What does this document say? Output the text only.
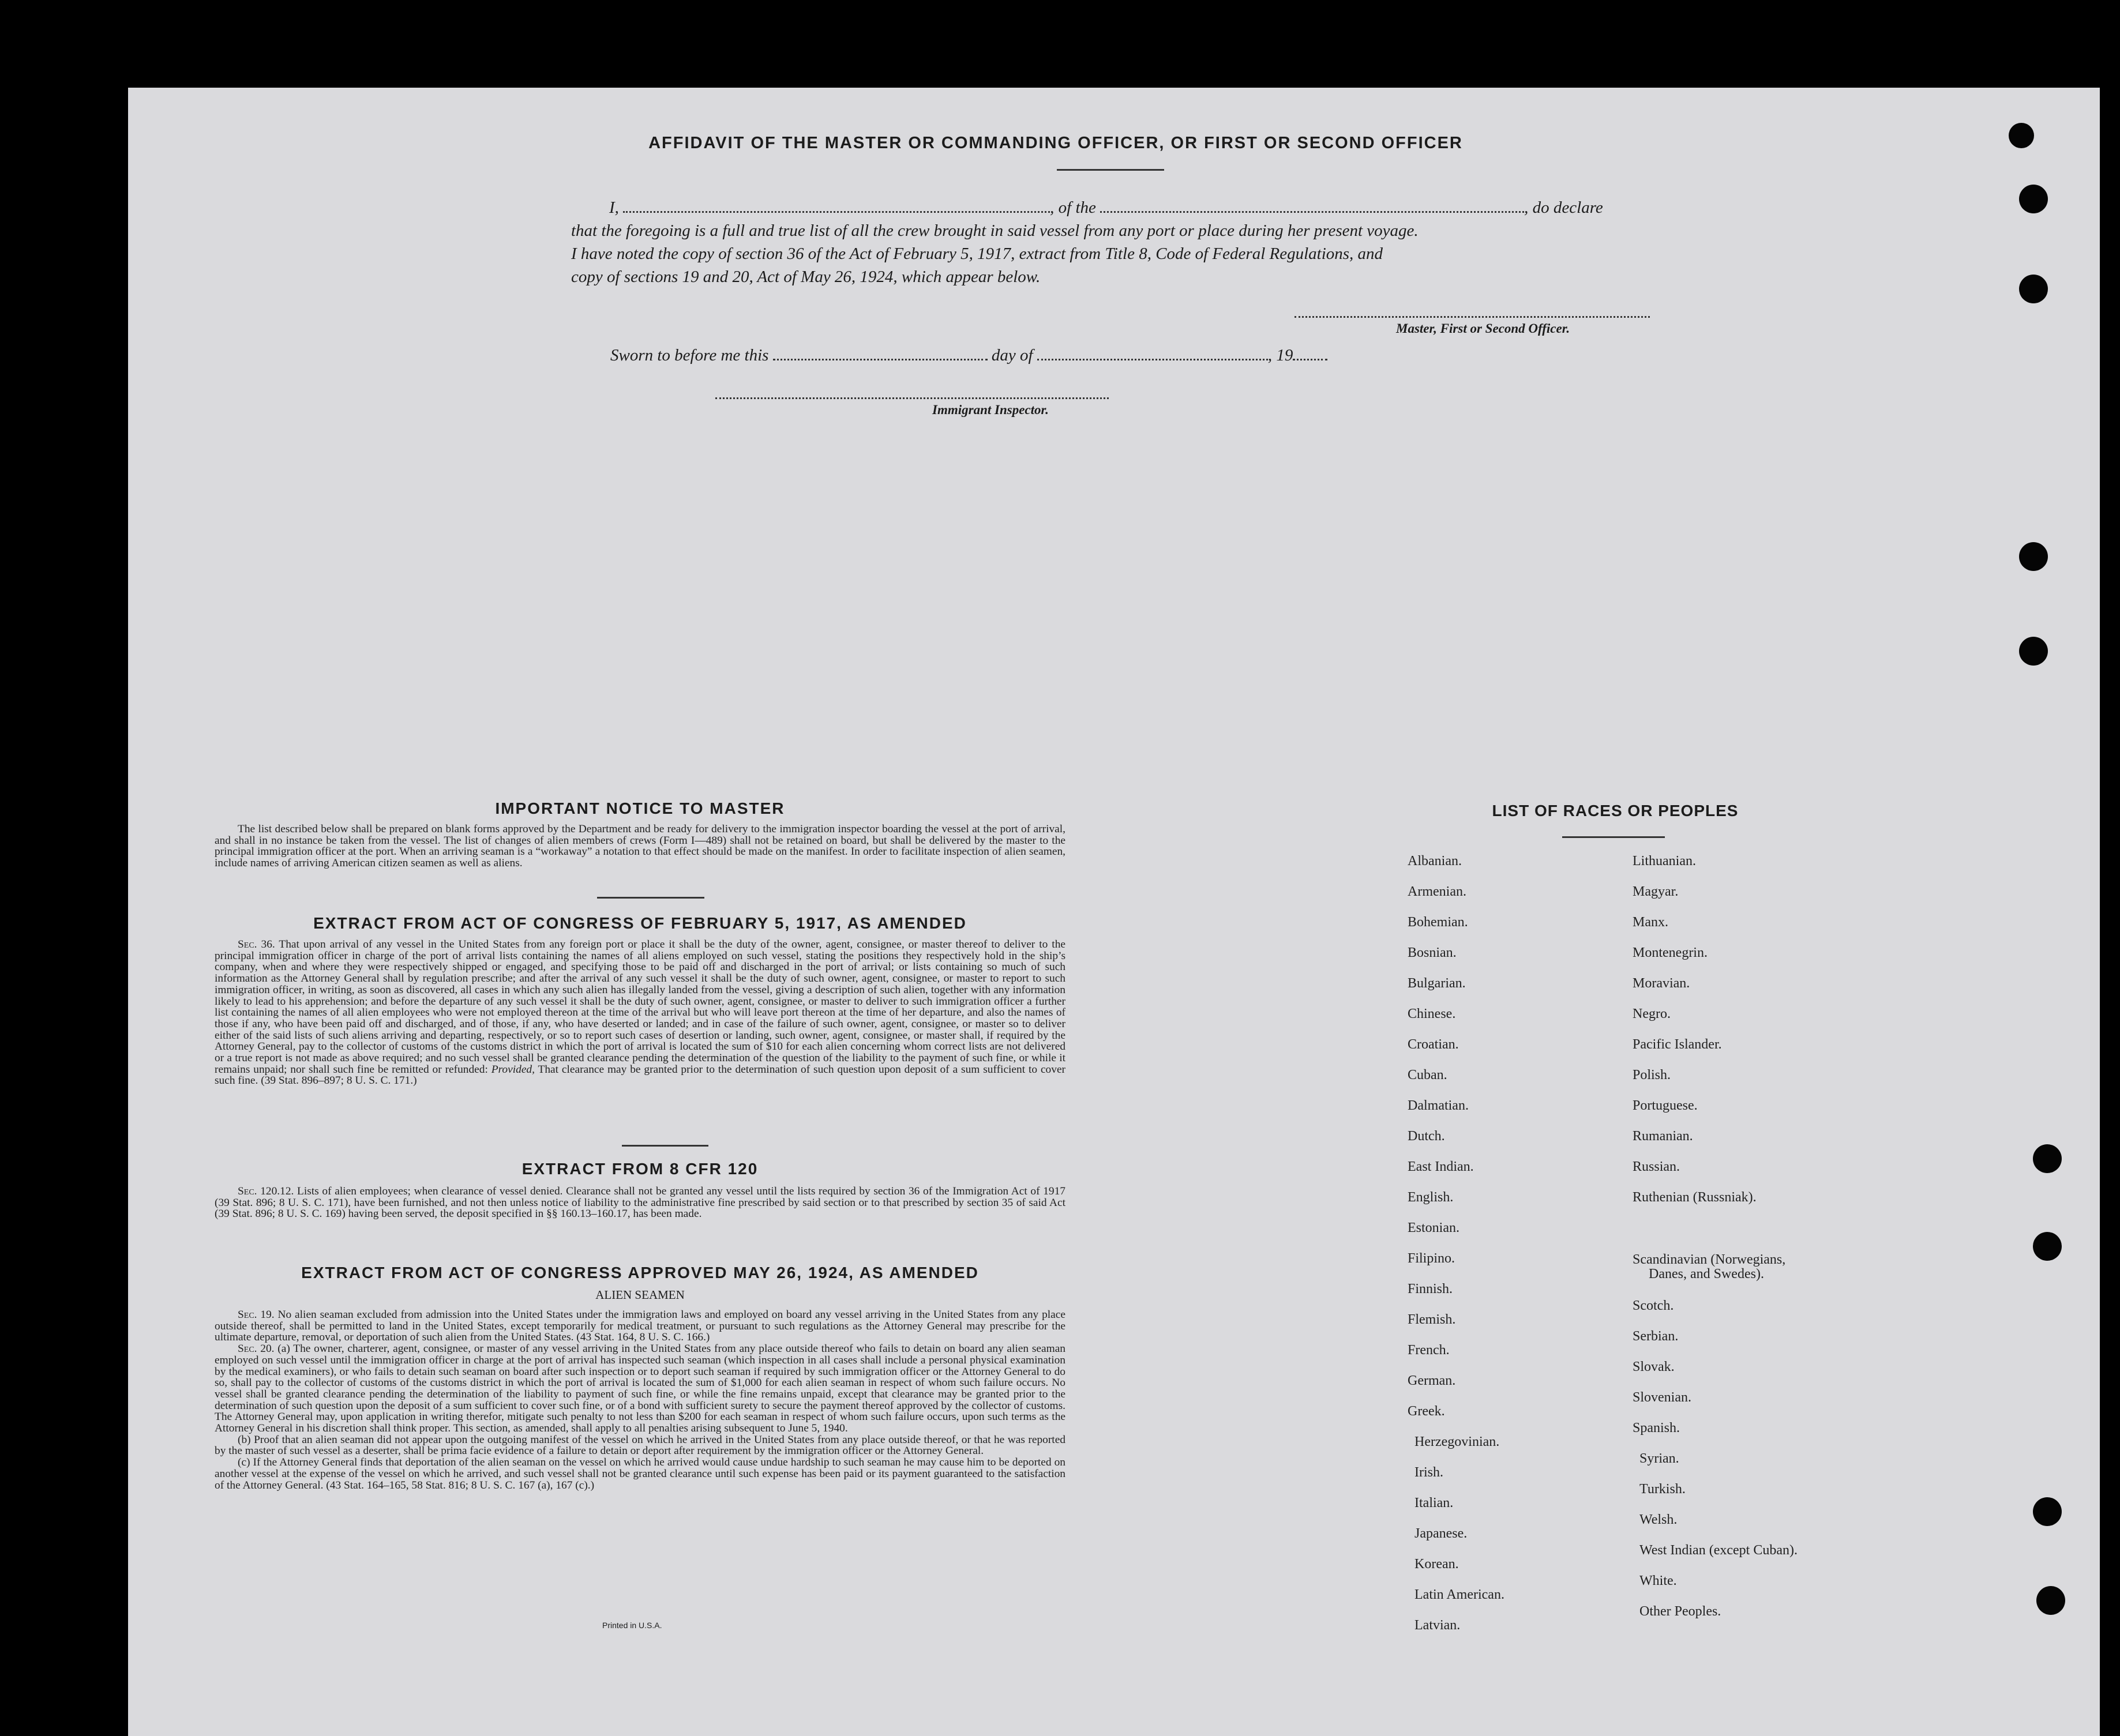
AFFIDAVIT OF THE MASTER OR COMMANDING OFFICER, OR FIRST OR SECOND OFFICER
I,	, of the	, do declare
that the foregoing is a full and true list of all the crew brought in said vessel from any port or place during her present voyage.
I have noted the copy of section 36 of the Act of February 5, 1917, extract from Title 8, Code of Federal Regulations, and
copy of sections 19 and 20, Act of May 26, 1924, which appear below.
Master, First or Second Officer.
Sworn to before me this	day of	, 19
Immigrant Inspector.
IMPORTANT NOTICE TO MASTER

The list described below shall be prepared on blank forms approved by the Department and be ready for delivery to the immigration inspector boarding the vessel at the port of arrival, and shall in no instance be taken from the vessel. The list of changes of alien members of crews (Form I—489) shall not be retained on board, but shall be delivered by the master to the principal immigration officer at the port. When an arriving seaman is a “workaway” a notation to that effect should be made on the manifest. In order to facilitate inspection of alien seamen, include names of arriving American citizen seamen as well as aliens.

EXTRACT FROM ACT OF CONGRESS OF FEBRUARY 5, 1917, AS AMENDED

Sec. 36. That upon arrival of any vessel in the United States from any foreign port or place it shall be the duty of the owner, agent, consignee, or master thereof to deliver to the principal immigration officer in charge of the port of arrival lists containing the names of all aliens employed on such vessel, stating the positions they respectively hold in the ship’s company, when and where they were respectively shipped or engaged, and specifying those to be paid off and discharged in the port of arrival; or lists containing so much of such information as the Attorney General shall by regulation prescribe; and after the arrival of any such vessel it shall be the duty of such owner, agent, consignee, or master to report to such immigration officer, in writing, as soon as discovered, all cases in which any such alien has illegally landed from the vessel, giving a description of such alien, together with any information likely to lead to his apprehension; and before the departure of any such vessel it shall be the duty of such owner, agent, consignee, or master to deliver to such immigration officer a further list containing the names of all alien employees who were not employed thereon at the time of the arrival but who will leave port thereon at the time of her departure, and also the names of those if any, who have been paid off and discharged, and of those, if any, who have deserted or landed; and in case of the failure of such owner, agent, consignee, or master so to deliver either of the said lists of such aliens arriving and departing, respectively, or so to report such cases of desertion or landing, such owner, agent, consignee, or master shall, if required by the Attorney General, pay to the collector of customs of the customs district in which the port of arrival is located the sum of $10 for each alien concerning whom correct lists are not delivered or a true report is not made as above required; and no such vessel shall be granted clearance pending the determination of the question of the liability to the payment of such fine, or while it remains unpaid; nor shall such fine be remitted or refunded: Provided, That clearance may be granted prior to the determination of such question upon deposit of a sum sufficient to cover such fine. (39 Stat. 896–897; 8 U. S. C. 171.)

EXTRACT FROM 8 CFR 120

Sec. 120.12. Lists of alien employees; when clearance of vessel denied. Clearance shall not be granted any vessel until the lists required by section 36 of the Immigration Act of 1917 (39 Stat. 896; 8 U. S. C. 171), have been furnished, and not then unless notice of liability to the administrative fine prescribed by said section or to that prescribed by section 35 of said Act (39 Stat. 896; 8 U. S. C. 169) having been served, the deposit specified in §§ 160.13–160.17, has been made.

EXTRACT FROM ACT OF CONGRESS APPROVED MAY 26, 1924, AS AMENDED
ALIEN SEAMEN

Sec. 19. No alien seaman excluded from admission into the United States under the immigration laws and employed on board any vessel arriving in the United States from any place outside thereof, shall be permitted to land in the United States, except temporarily for medical treatment, or pursuant to such regulations as the Attorney General may prescribe for the ultimate departure, removal, or deportation of such alien from the United States. (43 Stat. 164, 8 U. S. C. 166.)

Sec. 20. (a) The owner, charterer, agent, consignee, or master of any vessel arriving in the United States from any place outside thereof who fails to detain on board any alien seaman employed on such vessel until the immigration officer in charge at the port of arrival has inspected such seaman (which inspection in all cases shall include a personal physical examination by the medical examiners), or who fails to detain such seaman on board after such inspection or to deport such seaman if required by such immigration officer or the Attorney General to do so, shall pay to the collector of customs of the customs district in which the port of arrival is located the sum of $1,000 for each alien seaman in respect of whom such failure occurs. No vessel shall be granted clearance pending the determination of the liability to payment of such fine, or while the fine remains unpaid, except that clearance may be granted prior to the determination of such question upon the deposit of a sum sufficient to cover such fine, or of a bond with sufficient surety to secure the payment thereof approved by the collector of customs. The Attorney General may, upon application in writing therefor, mitigate such penalty to not less than $200 for each seaman in respect of whom such failure occurs, upon such terms as the Attorney General in his discretion shall think proper. This section, as amended, shall apply to all penalties arising subsequent to June 5, 1940.

(b) Proof that an alien seaman did not appear upon the outgoing manifest of the vessel on which he arrived in the United States from any place outside thereof, or that he was reported by the master of such vessel as a deserter, shall be prima facie evidence of a failure to detain or deport after requirement by the immigration officer or the Attorney General.

(c) If the Attorney General finds that deportation of the alien seaman on the vessel on which he arrived would cause undue hardship to such seaman he may cause him to be deported on another vessel at the expense of the vessel on which he arrived, and such vessel shall not be granted clearance until such expense has been paid or its payment guaranteed to the satisfaction of the Attorney General. (43 Stat. 164–165, 58 Stat. 816; 8 U. S. C. 167 (a), 167 (c).)

Printed in U.S.A.
LIST OF RACES OR PEOPLES
Albanian.
Armenian.
Bohemian.
Bosnian.
Bulgarian.
Chinese.
Croatian.
Cuban.
Dalmatian.
Dutch.
East Indian.
English.
Estonian.
Filipino.
Finnish.
Flemish.
French.
German.
Greek.
Herzegovinian.
Irish.
Italian.
Japanese.
Korean.
Latin American.
Latvian.
Lithuanian.
Magyar.
Manx.
Montenegrin.
Moravian.
Negro.
Pacific Islander.
Polish.
Portuguese.
Rumanian.
Russian.
Ruthenian (Russniak).
Scandinavian (Norwegians,
Danes, and Swedes).
Scotch.
Serbian.
Slovak.
Slovenian.
Spanish.
Syrian.
Turkish.
Welsh.
West Indian (except Cuban).
White.
Other Peoples.
